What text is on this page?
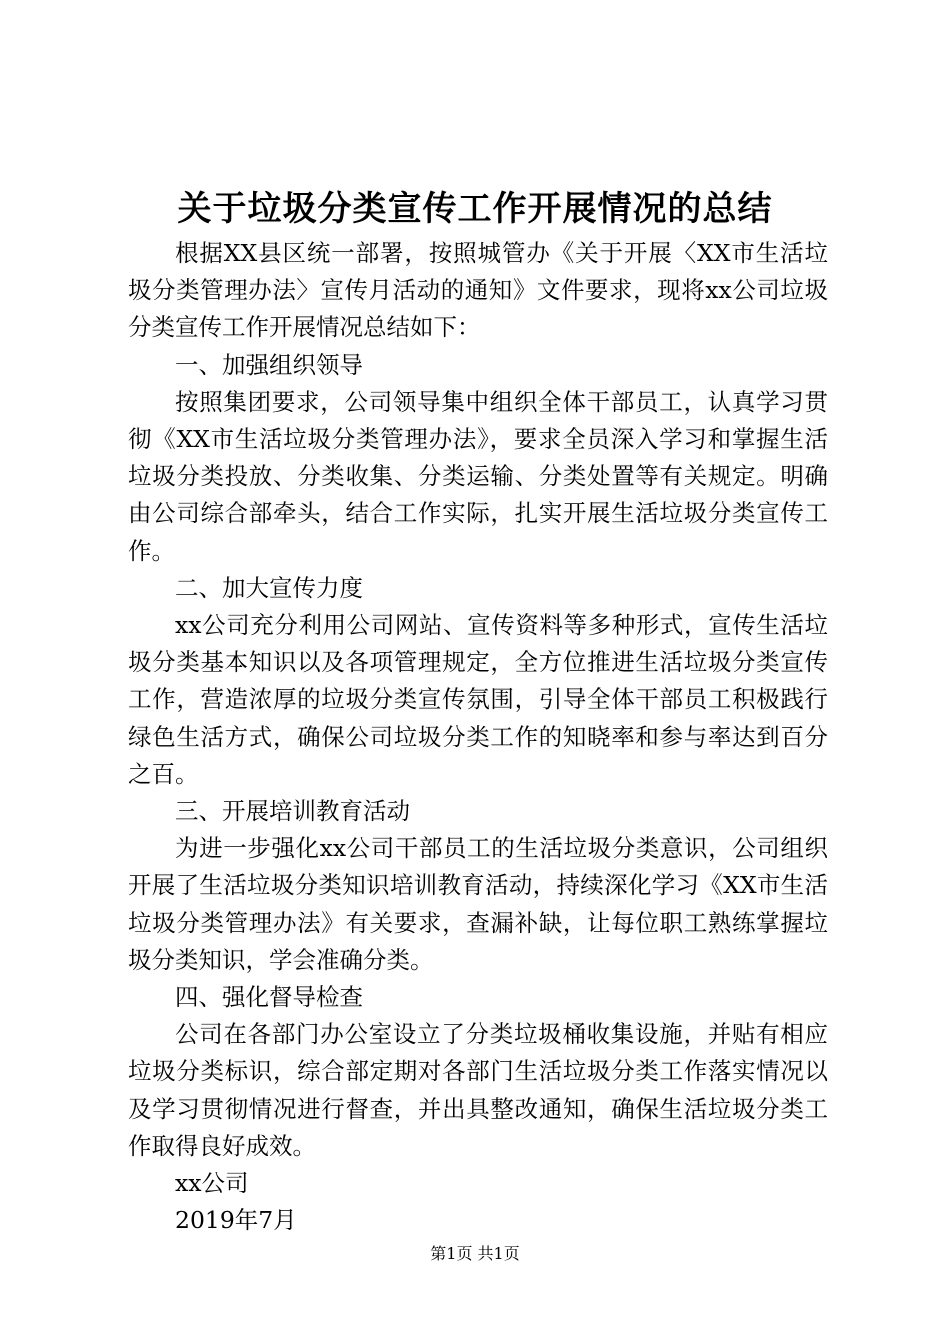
关于垃圾分类宣传工作开展情况的总结

根据XX县区统一部署，按照城管办《关于开展〈XX市生活垃圾分类管理办法〉宣传月活动的通知》文件要求，现将xx公司垃圾分类宣传工作开展情况总结如下：

一、加强组织领导

按照集团要求，公司领导集中组织全体干部员工，认真学习贯彻《XX市生活垃圾分类管理办法》，要求全员深入学习和掌握生活垃圾分类投放、分类收集、分类运输、分类处置等有关规定。明确由公司综合部牵头，结合工作实际，扎实开展生活垃圾分类宣传工作。

二、加大宣传力度

xx公司充分利用公司网站、宣传资料等多种形式，宣传生活垃圾分类基本知识以及各项管理规定，全方位推进生活垃圾分类宣传工作，营造浓厚的垃圾分类宣传氛围，引导全体干部员工积极践行绿色生活方式，确保公司垃圾分类工作的知晓率和参与率达到百分之百。

三、开展培训教育活动

为进一步强化xx公司干部员工的生活垃圾分类意识，公司组织开展了生活垃圾分类知识培训教育活动，持续深化学习《XX市生活垃圾分类管理办法》有关要求，查漏补缺，让每位职工熟练掌握垃圾分类知识，学会准确分类。

四、强化督导检查

公司在各部门办公室设立了分类垃圾桶收集设施，并贴有相应垃圾分类标识，综合部定期对各部门生活垃圾分类工作落实情况以及学习贯彻情况进行督查，并出具整改通知，确保生活垃圾分类工作取得良好成效。

xx公司

2019年7月

第1页 共1页
